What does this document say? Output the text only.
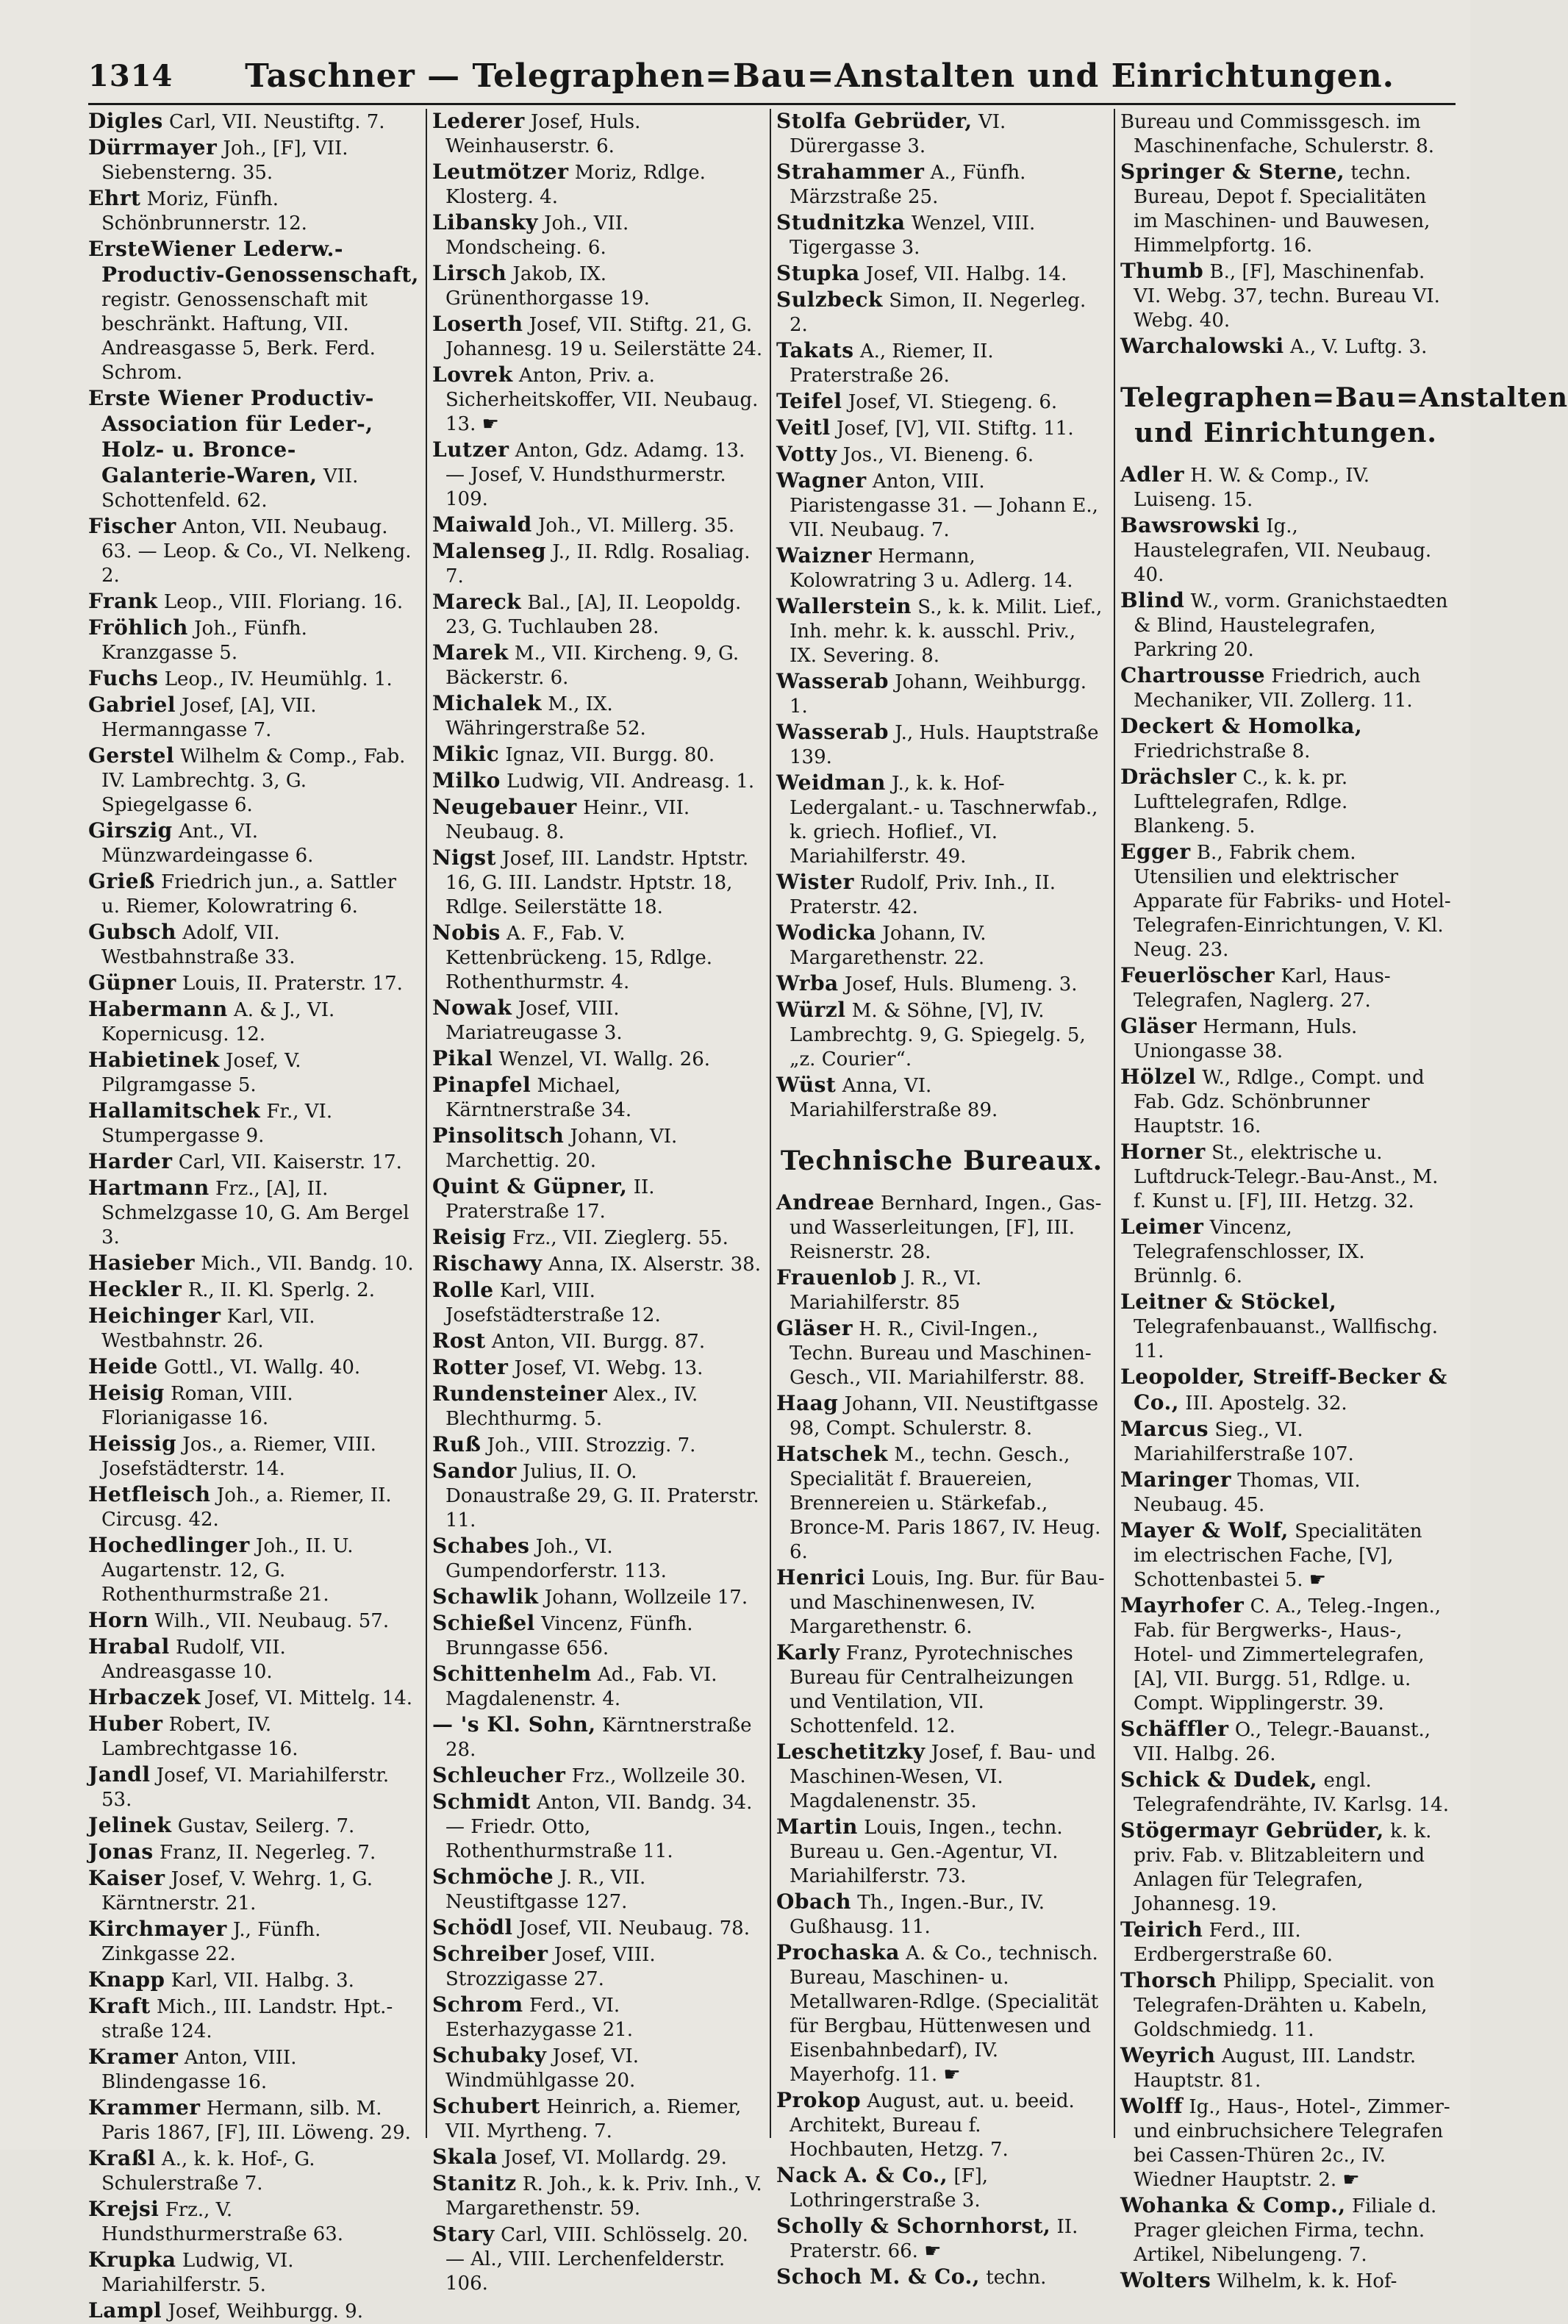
1314	Taschner — Telegraphen=Bau=Anstalten und Einrichtungen.
Digles Carl, VII. Neustiftg. 7.
Dürrmayer Joh., [F], VII. Siebensterng. 35.
Ehrt Moriz, Fünfh. Schönbrunnerstr. 12.
ErsteWiener Lederw.-Productiv-Genossenschaft, registr. Genossenschaft mit beschränkt. Haftung, VII. Andreasgasse 5, Berk. Ferd. Schrom.
Erste Wiener Productiv-Association für Leder-, Holz- u. Bronce-Galanterie-Waren, VII. Schottenfeld. 62.
Fischer Anton, VII. Neubaug. 63. — Leop. & Co., VI. Nelkeng. 2.
Frank Leop., VIII. Floriang. 16.
Fröhlich Joh., Fünfh. Kranzgasse 5.
Fuchs Leop., IV. Heumühlg. 1.
Gabriel Josef, [A], VII. Hermanngasse 7.
Gerstel Wilhelm & Comp., Fab. IV. Lambrechtg. 3, G. Spiegelgasse 6.
Girszig Ant., VI. Münzwardeingasse 6.
Grieß Friedrich jun., a. Sattler u. Riemer, Kolowratring 6.
Gubsch Adolf, VII. Westbahnstraße 33.
Güpner Louis, II. Praterstr. 17.
Habermann A. & J., VI. Kopernicusg. 12.
Habietinek Josef, V. Pilgramgasse 5.
Hallamitschek Fr., VI. Stumpergasse 9.
Harder Carl, VII. Kaiserstr. 17.
Hartmann Frz., [A], II. Schmelzgasse 10, G. Am Bergel 3.
Hasieber Mich., VII. Bandg. 10.
Heckler R., II. Kl. Sperlg. 2.
Heichinger Karl, VII. Westbahnstr. 26.
Heide Gottl., VI. Wallg. 40.
Heisig Roman, VIII. Florianigasse 16.
Heissig Jos., a. Riemer, VIII. Josefstädterstr. 14.
Hetfleisch Joh., a. Riemer, II. Circusg. 42.
Hochedlinger Joh., II. U. Augartenstr. 12, G. Rothenthurmstraße 21.
Horn Wilh., VII. Neubaug. 57.
Hrabal Rudolf, VII. Andreasgasse 10.
Hrbaczek Josef, VI. Mittelg. 14.
Huber Robert, IV. Lambrechtgasse 16.
Jandl Josef, VI. Mariahilferstr. 53.
Jelinek Gustav, Seilerg. 7.
Jonas Franz, II. Negerleg. 7.
Kaiser Josef, V. Wehrg. 1, G. Kärntnerstr. 21.
Kirchmayer J., Fünfh. Zinkgasse 22.
Knapp Karl, VII. Halbg. 3.
Kraft Mich., III. Landstr. Hpt.-straße 124.
Kramer Anton, VIII. Blindengasse 16.
Krammer Hermann, silb. M. Paris 1867, [F], III. Löweng. 29.
Kraßl A., k. k. Hof-, G. Schulerstraße 7.
Krejsi Frz., V. Hundsthurmerstraße 63.
Krupka Ludwig, VI. Mariahilferstr. 5.
Lampl Josef, Weihburgg. 9.
Lederer Josef, Huls. Weinhauserstr. 6.
Leutmötzer Moriz, Rdlge. Klosterg. 4.
Libansky Joh., VII. Mondscheing. 6.
Lirsch Jakob, IX. Grünenthorgasse 19.
Loserth Josef, VII. Stiftg. 21, G. Johannesg. 19 u. Seilerstätte 24.
Lovrek Anton, Priv. a. Sicherheitskoffer, VII. Neubaug. 13. ☛
Lutzer Anton, Gdz. Adamg. 13. — Josef, V. Hundsthurmerstr. 109.
Maiwald Joh., VI. Millerg. 35.
Malenseg J., II. Rdlg. Rosaliag. 7.
Mareck Bal., [A], II. Leopoldg. 23, G. Tuchlauben 28.
Marek M., VII. Kircheng. 9, G. Bäckerstr. 6.
Michalek M., IX. Währingerstraße 52.
Mikic Ignaz, VII. Burgg. 80.
Milko Ludwig, VII. Andreasg. 1.
Neugebauer Heinr., VII. Neubaug. 8.
Nigst Josef, III. Landstr. Hptstr. 16, G. III. Landstr. Hptstr. 18, Rdlge. Seilerstätte 18.
Nobis A. F., Fab. V. Kettenbrückeng. 15, Rdlge. Rothenthurmstr. 4.
Nowak Josef, VIII. Mariatreugasse 3.
Pikal Wenzel, VI. Wallg. 26.
Pinapfel Michael, Kärntnerstraße 34.
Pinsolitsch Johann, VI. Marchettig. 20.
Quint & Güpner, II. Praterstraße 17.
Reisig Frz., VII. Zieglerg. 55.
Rischawy Anna, IX. Alserstr. 38.
Rolle Karl, VIII. Josefstädterstraße 12.
Rost Anton, VII. Burgg. 87.
Rotter Josef, VI. Webg. 13.
Rundensteiner Alex., IV. Blechthurmg. 5.
Ruß Joh., VIII. Strozzig. 7.
Sandor Julius, II. O. Donaustraße 29, G. II. Praterstr. 11.
Schabes Joh., VI. Gumpendorferstr. 113.
Schawlik Johann, Wollzeile 17.
Schießel Vincenz, Fünfh. Brunngasse 656.
Schittenhelm Ad., Fab. VI. Magdalenenstr. 4.
— 's Kl. Sohn, Kärntnerstraße 28.
Schleucher Frz., Wollzeile 30.
Schmidt Anton, VII. Bandg. 34. — Friedr. Otto, Rothenthurmstraße 11.
Schmöche J. R., VII. Neustiftgasse 127.
Schödl Josef, VII. Neubaug. 78.
Schreiber Josef, VIII. Strozzigasse 27.
Schrom Ferd., VI. Esterhazygasse 21.
Schubaky Josef, VI. Windmühlgasse 20.
Schubert Heinrich, a. Riemer, VII. Myrtheng. 7.
Skala Josef, VI. Mollardg. 29.
Stanitz R. Joh., k. k. Priv. Inh., V. Margarethenstr. 59.
Stary Carl, VIII. Schlösselg. 20. — Al., VIII. Lerchenfelderstr. 106.
Stolfa Gebrüder, VI. Dürergasse 3.
Strahammer A., Fünfh. Märzstraße 25.
Studnitzka Wenzel, VIII. Tigergasse 3.
Stupka Josef, VII. Halbg. 14.
Sulzbeck Simon, II. Negerleg. 2.
Takats A., Riemer, II. Praterstraße 26.
Teifel Josef, VI. Stiegeng. 6.
Veitl Josef, [V], VII. Stiftg. 11.
Votty Jos., VI. Bieneng. 6.
Wagner Anton, VIII. Piaristengasse 31. — Johann E., VII. Neubaug. 7.
Waizner Hermann, Kolowratring 3 u. Adlerg. 14.
Wallerstein S., k. k. Milit. Lief., Inh. mehr. k. k. ausschl. Priv., IX. Severing. 8.
Wasserab Johann, Weihburgg. 1.
Wasserab J., Huls. Hauptstraße 139.
Weidman J., k. k. Hof-Ledergalant.- u. Taschnerwfab., k. griech. Hoflief., VI. Mariahilferstr. 49.
Wister Rudolf, Priv. Inh., II. Praterstr. 42.
Wodicka Johann, IV. Margarethenstr. 22.
Wrba Josef, Huls. Blumeng. 3.
Würzl M. & Söhne, [V], IV. Lambrechtg. 9, G. Spiegelg. 5, „z. Courier“.
Wüst Anna, VI. Mariahilferstraße 89.
Technische Bureaux.
Andreae Bernhard, Ingen., Gas- und Wasserleitungen, [F], III. Reisnerstr. 28.
Frauenlob J. R., VI. Mariahilferstr. 85
Gläser H. R., Civil-Ingen., Techn. Bureau und Maschinen-Gesch., VII. Mariahilferstr. 88.
Haag Johann, VII. Neustiftgasse 98, Compt. Schulerstr. 8.
Hatschek M., techn. Gesch., Specialität f. Brauereien, Brennereien u. Stärkefab., Bronce-M. Paris 1867, IV. Heug. 6.
Henrici Louis, Ing. Bur. für Bau- und Maschinenwesen, IV. Margarethenstr. 6.
Karly Franz, Pyrotechnisches Bureau für Centralheizungen und Ventilation, VII. Schottenfeld. 12.
Leschetitzky Josef, f. Bau- und Maschinen-Wesen, VI. Magdalenenstr. 35.
Martin Louis, Ingen., techn. Bureau u. Gen.-Agentur, VI. Mariahilferstr. 73.
Obach Th., Ingen.-Bur., IV. Gußhausg. 11.
Prochaska A. & Co., technisch. Bureau, Maschinen- u. Metallwaren-Rdlge. (Specialität für Bergbau, Hüttenwesen und Eisenbahnbedarf), IV. Mayerhofg. 11. ☛
Prokop August, aut. u. beeid. Architekt, Bureau f. Hochbauten, Hetzg. 7.
Nack A. & Co., [F], Lothringerstraße 3.
Scholly & Schornhorst, II. Praterstr. 66. ☛
Schoch M. & Co., techn.
Bureau und Commissgesch. im Maschinenfache, Schulerstr. 8.
Springer & Sterne, techn. Bureau, Depot f. Specialitäten im Maschinen- und Bauwesen, Himmelpfortg. 16.
Thumb B., [F], Maschinenfab. VI. Webg. 37, techn. Bureau VI. Webg. 40.
Warchalowski A., V. Luftg. 3.
Telegraphen=Bau=Anstalten und Einrichtungen.
Adler H. W. & Comp., IV. Luiseng. 15.
Bawsrowski Ig., Haustelegrafen, VII. Neubaug. 40.
Blind W., vorm. Granichstaedten & Blind, Haustelegrafen, Parkring 20.
Chartrousse Friedrich, auch Mechaniker, VII. Zollerg. 11.
Deckert & Homolka, Friedrichstraße 8.
Drächsler C., k. k. pr. Lufttelegrafen, Rdlge. Blankeng. 5.
Egger B., Fabrik chem. Utensilien und elektrischer Apparate für Fabriks- und Hotel-Telegrafen-Einrichtungen, V. Kl. Neug. 23.
Feuerlöscher Karl, Haus-Telegrafen, Naglerg. 27.
Gläser Hermann, Huls. Uniongasse 38.
Hölzel W., Rdlge., Compt. und Fab. Gdz. Schönbrunner Hauptstr. 16.
Horner St., elektrische u. Luftdruck-Telegr.-Bau-Anst., M. f. Kunst u. [F], III. Hetzg. 32.
Leimer Vincenz, Telegrafenschlosser, IX. Brünnlg. 6.
Leitner & Stöckel, Telegrafenbauanst., Wallfischg. 11.
Leopolder, Streiff-Becker & Co., III. Apostelg. 32.
Marcus Sieg., VI. Mariahilferstraße 107.
Maringer Thomas, VII. Neubaug. 45.
Mayer & Wolf, Specialitäten im electrischen Fache, [V], Schottenbastei 5. ☛
Mayrhofer C. A., Teleg.-Ingen., Fab. für Bergwerks-, Haus-, Hotel- und Zimmertelegrafen, [A], VII. Burgg. 51, Rdlge. u. Compt. Wipplingerstr. 39.
Schäffler O., Telegr.-Bauanst., VII. Halbg. 26.
Schick & Dudek, engl. Telegrafendrähte, IV. Karlsg. 14.
Stögermayr Gebrüder, k. k. priv. Fab. v. Blitzableitern und Anlagen für Telegrafen, Johannesg. 19.
Teirich Ferd., III. Erdbergerstraße 60.
Thorsch Philipp, Specialit. von Telegrafen-Drähten u. Kabeln, Goldschmiedg. 11.
Weyrich August, III. Landstr. Hauptstr. 81.
Wolff Ig., Haus-, Hotel-, Zimmer- und einbruchsichere Telegrafen bei Cassen-Thüren 2c., IV. Wiedner Hauptstr. 2. ☛
Wohanka & Comp., Filiale d. Prager gleichen Firma, techn. Artikel, Nibelungeng. 7.
Wolters Wilhelm, k. k. Hof-
